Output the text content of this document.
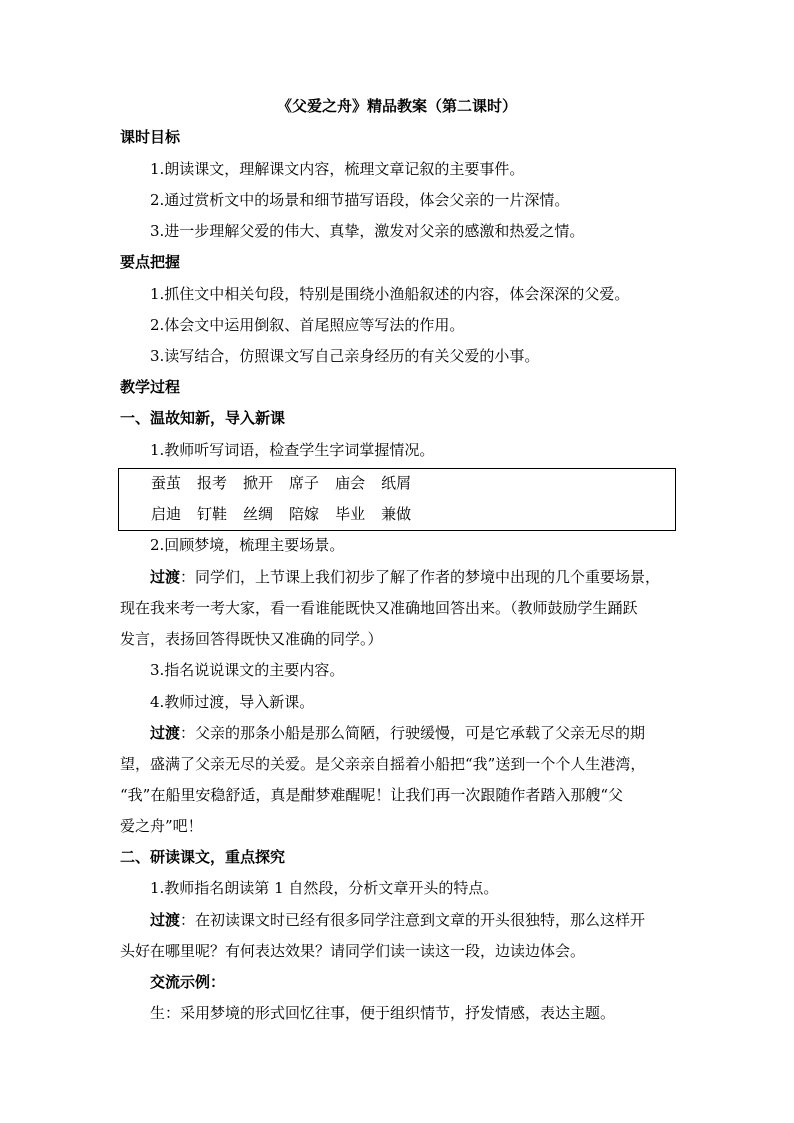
《父爱之舟》精品教案（第二课时）
课时目标
1.朗读课文，理解课文内容，梳理文章记叙的主要事件。
2.通过赏析文中的场景和细节描写语段，体会父亲的一片深情。
3.进一步理解父爱的伟大、真挚，激发对父亲的感激和热爱之情。
要点把握
1.抓住文中相关句段，特别是围绕小渔船叙述的内容，体会深深的父爱。
2.体会文中运用倒叙、首尾照应等写法的作用。
3.读写结合，仿照课文写自己亲身经历的有关父爱的小事。
教学过程
一、温故知新，导入新课
1.教师听写词语，检查学生字词掌握情况。
蚕茧 报考 掀开 席子 庙会 纸屑
启迪 钉鞋 丝绸 陪嫁 毕业 兼做
2.回顾梦境，梳理主要场景。
过渡：同学们，上节课上我们初步了解了作者的梦境中出现的几个重要场景，
现在我来考一考大家，看一看谁能既快又准确地回答出来。（教师鼓励学生踊跃
发言，表扬回答得既快又准确的同学。）
3.指名说说课文的主要内容。
4.教师过渡，导入新课。
过渡：父亲的那条小船是那么简陋，行驶缓慢，可是它承载了父亲无尽的期
望，盛满了父亲无尽的关爱。是父亲亲自摇着小船把“我”送到一个个人生港湾，
“我”在船里安稳舒适，真是酣梦难醒呢！让我们再一次跟随作者踏入那艘“父
爱之舟”吧！
二、研读课文，重点探究
1.教师指名朗读第 1 自然段，分析文章开头的特点。
过渡：在初读课文时已经有很多同学注意到文章的开头很独特，那么这样开
头好在哪里呢？有何表达效果？请同学们读一读这一段，边读边体会。
交流示例：
生：采用梦境的形式回忆往事，便于组织情节，抒发情感，表达主题。
